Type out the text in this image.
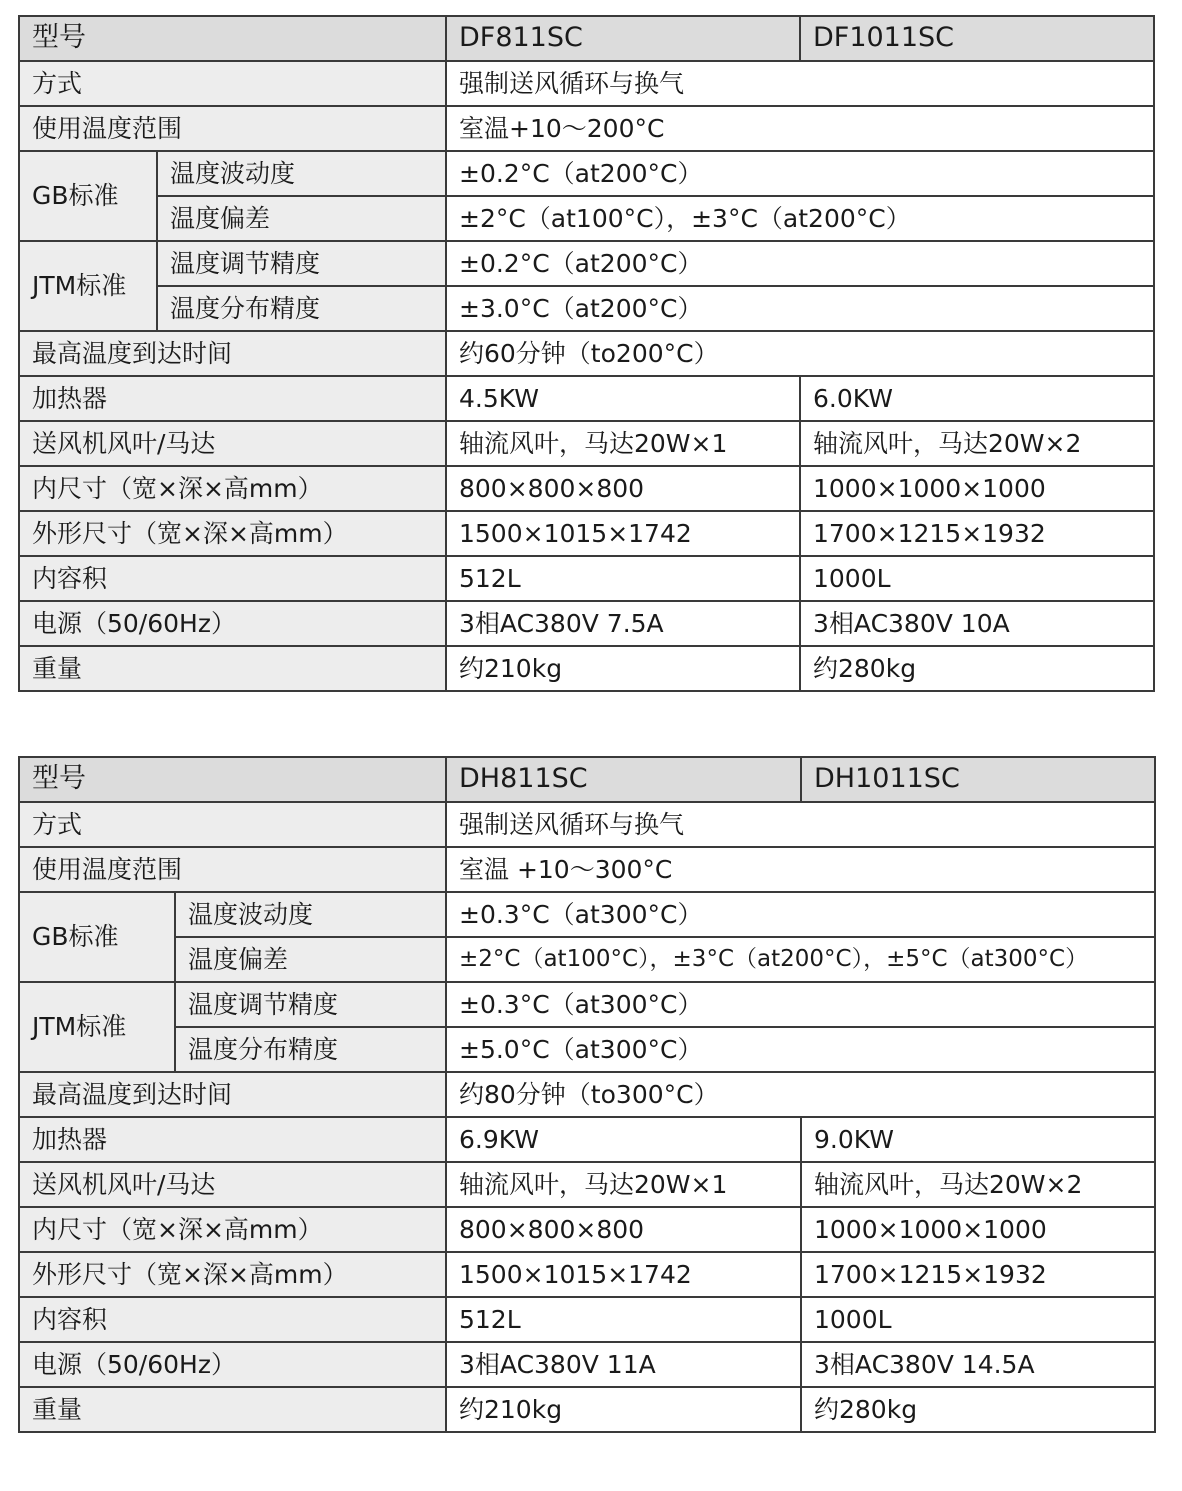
型号		DF811SC	DF1011SC
方式		强制送风循环与换气	
使用温度范围		室温+10～200°C	
GB标准	温度波动度	±0.2°C（at200°C）	
	温度偏差	±2°C（at100°C），±3°C（at200°C）	
JTM标准	温度调节精度	±0.2°C（at200°C）	
	温度分布精度	±3.0°C（at200°C）	
最高温度到达时间		约60分钟（to200°C）	
加热器		4.5KW	6.0KW
送风机风叶/马达		轴流风叶，马达20W×1	轴流风叶，马达20W×2
内尺寸（宽×深×高mm）		800×800×800	1000×1000×1000
外形尺寸（宽×深×高mm）		1500×1015×1742	1700×1215×1932
内容积		512L	1000L
电源（50/60Hz）		3相AC380V 7.5A	3相AC380V 10A
重量		约210kg	约280kg
型号		DH811SC	DH1011SC
方式		强制送风循环与换气	
使用温度范围		室温 +10～300°C	
GB标准	温度波动度	±0.3°C（at300°C）	
	温度偏差	±2°C（at100°C），±3°C（at200°C），±5°C（at300°C）	
JTM标准	温度调节精度	±0.3°C（at300°C）	
	温度分布精度	±5.0°C（at300°C）	
最高温度到达时间		约80分钟（to300°C）	
加热器		6.9KW	9.0KW
送风机风叶/马达		轴流风叶，马达20W×1	轴流风叶，马达20W×2
内尺寸（宽×深×高mm）		800×800×800	1000×1000×1000
外形尺寸（宽×深×高mm）		1500×1015×1742	1700×1215×1932
内容积		512L	1000L
电源（50/60Hz）		3相AC380V 11A	3相AC380V 14.5A
重量		约210kg	约280kg
